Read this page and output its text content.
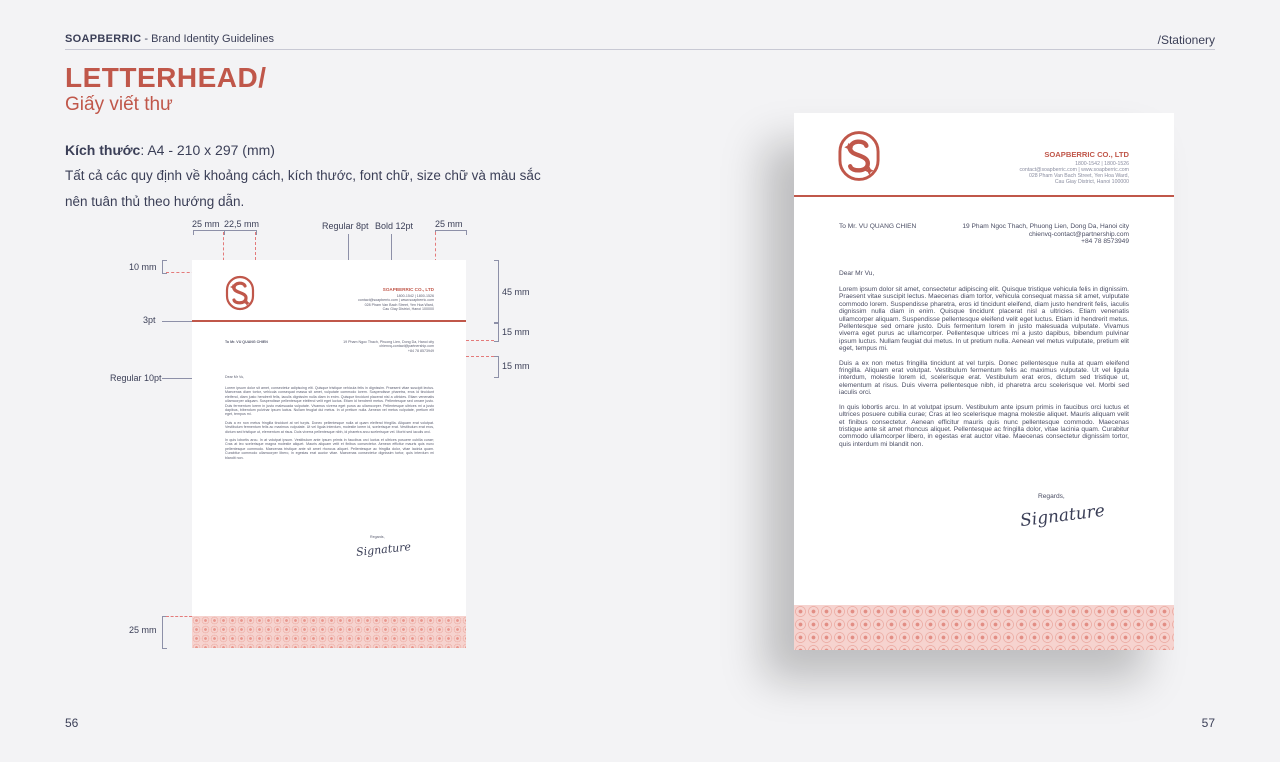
SOAPBERRIC - Brand Identity Guidelines	/Stationery
LETTERHEAD/
Giấy viết thư
Kích thước: A4 - 210 x 297 (mm)
Tất cả các quy định về khoảng cách, kích thước, font chữ, size chữ và màu sắc
nên tuân thủ theo hướng dẫn.
25 mm 22,5 mm	Regular 8pt Bold 12pt 25 mm
10 mm
3pt
Regular 10pt
25 mm
45 mm
15 mm
15 mm
SOAPBERRIC CO., LTD
1800-1542 | 1800-1526
contact@soapberric.com | www.soapberric.com
028 Pham Van Bach Street, Yen Hoa Ward,
Cau Giay District, Hanoi 100000
To Mr. VU QUANG CHIEN	19 Pham Ngoc Thach, Phuong Lien, Dong Da, Hanoi city
chienvq-contact@partnership.com
+84 78 8573949
Dear Mr Vu,
Lorem ipsum dolor sit amet, consectetur adipiscing elit. Quisque tristique vehicula felis in dignissim. Praesent vitae suscipit lectus. Maecenas diam tortor, vehicula consequat massa sit amet, vulputate commodo lorem. Suspendisse pharetra, eros id tincidunt eleifend, diam justo hendrerit felis, iaculis dignissim nulla diam in enim. Quisque tincidunt placerat nisl a ultricies. Etiam venenatis ullamcorper aliquam. Suspendisse pellentesque eleifend velit eget luctus. Etiam id hendrerit metus. Pellentesque sed ornare justo. Duis fermentum lorem in justo malesuada vulputate. Vivamus viverra eget purus ac ullamcorper. Pellentesque ultrices mi a justo dapibus, bibendum pulvinar ipsum luctus. Nullam feugiat dui metus. In ut pretium nulla. Aenean vel metus vulputate, pretium elit eget, tempus mi.
Duis a ex non metus fringilla tincidunt at vel turpis. Donec pellentesque nulla at quam eleifend fringilla. Aliquam erat volutpat. Vestibulum fermentum felis ac maximus vulputate. Ut vel ligula interdum, molestie lorem id, scelerisque erat. Vestibulum erat eros, dictum sed tristique ut, elementum at risus. Duis viverra pellentesque nibh, id pharetra arcu scelerisque vel. Morbi sed iaculis orci.
In quis lobortis arcu. In at volutpat ipsum. Vestibulum ante ipsum primis in faucibus orci luctus et ultrices posuere cubilia curae; Cras at leo scelerisque magna molestie aliquet. Mauris aliquam velit et finibus consectetur. Aenean efficitur mauris quis nunc pellentesque commodo. Maecenas tristique ante sit amet rhoncus aliquet. Pellentesque ac fringilla dolor, vitae lacinia quam. Curabitur commodo ullamcorper libero, in egestas erat auctor vitae. Maecenas consectetur dignissim tortor, quis interdum mi blandit non.
Regards,
Signature
SOAPBERRIC CO., LTD
1800-1542 | 1800-1526
contact@soapberric.com | www.soapberric.com
028 Pham Van Bach Street, Yen Hoa Ward,
Cau Giay District, Hanoi 100000
To Mr. VU QUANG CHIEN	19 Pham Ngoc Thach, Phuong Lien, Dong Da, Hanoi city
chienvq-contact@partnership.com
+84 78 8573949
Dear Mr Vu,
Lorem ipsum dolor sit amet, consectetur adipiscing elit. Quisque tristique vehicula felis in dignissim. Praesent vitae suscipit lectus. Maecenas diam tortor, vehicula consequat massa sit amet, vulputate commodo lorem. Suspendisse pharetra, eros id tincidunt eleifend, diam justo hendrerit felis, iaculis dignissim nulla diam in enim. Quisque tincidunt placerat nisl a ultricies. Etiam venenatis ullamcorper aliquam. Suspendisse pellentesque eleifend velit eget luctus. Etiam id hendrerit metus. Pellentesque sed ornare justo. Duis fermentum lorem in justo malesuada vulputate. Vivamus viverra eget purus ac ullamcorper. Pellentesque ultrices mi a justo dapibus, bibendum pulvinar ipsum luctus. Nullam feugiat dui metus. In ut pretium nulla. Aenean vel metus vulputate, pretium elit eget, tempus mi.
Duis a ex non metus fringilla tincidunt at vel turpis. Donec pellentesque nulla at quam eleifend fringilla. Aliquam erat volutpat. Vestibulum fermentum felis ac maximus vulputate. Ut vel ligula interdum, molestie lorem id, scelerisque erat. Vestibulum erat eros, dictum sed tristique ut, elementum at risus. Duis viverra pellentesque nibh, id pharetra arcu scelerisque vel. Morbi sed iaculis orci.
In quis lobortis arcu. In at volutpat ipsum. Vestibulum ante ipsum primis in faucibus orci luctus et ultrices posuere cubilia curae; Cras at leo scelerisque magna molestie aliquet. Mauris aliquam velit et finibus consectetur. Aenean efficitur mauris quis nunc pellentesque commodo. Maecenas tristique ante sit amet rhoncus aliquet. Pellentesque ac fringilla dolor, vitae lacinia quam. Curabitur commodo ullamcorper libero, in egestas erat auctor vitae. Maecenas consectetur dignissim tortor, quis interdum mi blandit non.
Regards,
Signature
56	57
